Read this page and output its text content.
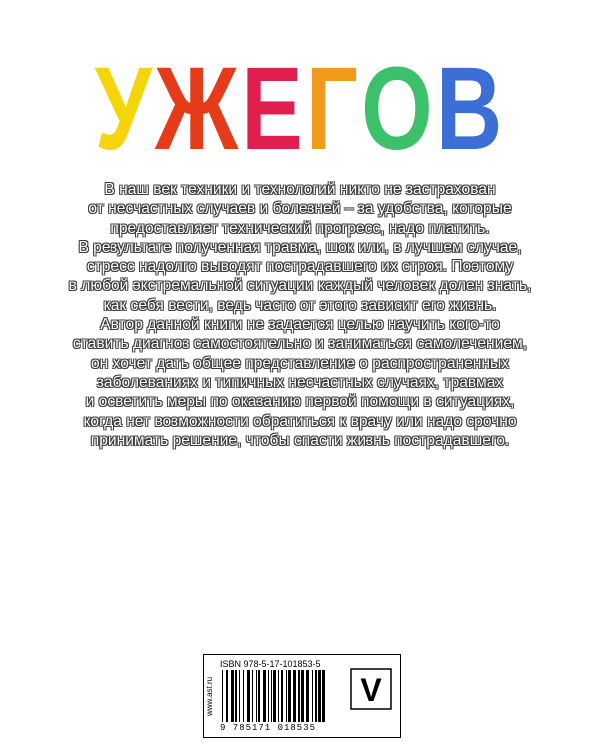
УЖЕГОВ
В наш век техники и технологий никто не застрахован
от несчастных случаев и болезней – за удобства, которые
предоставляет технический прогресс, надо платить.
В результате полученная травма, шок или, в лучшем случае,
стресс надолго выводят пострадавшего их строя. Поэтому
в любой экстремальной ситуации каждый человек долен знать,
как себя вести, ведь часто от этого зависит его жизнь.
Автор данной книги не задается целью научить кого-то
ставить диагноз самостоятельно и заниматься самолечением,
он хочет дать общее представление о распространенных
заболеваниях и типичных несчастных случаях, травмах
и осветить меры по оказанию первой помощи в ситуациях,
когда нет возможности обратиться к врачу или надо срочно
принимать решение, чтобы спасти жизнь пострадавшего.
www.ast.ru
ISBN 978-5-17-101853-5
9 785171 018535
V
